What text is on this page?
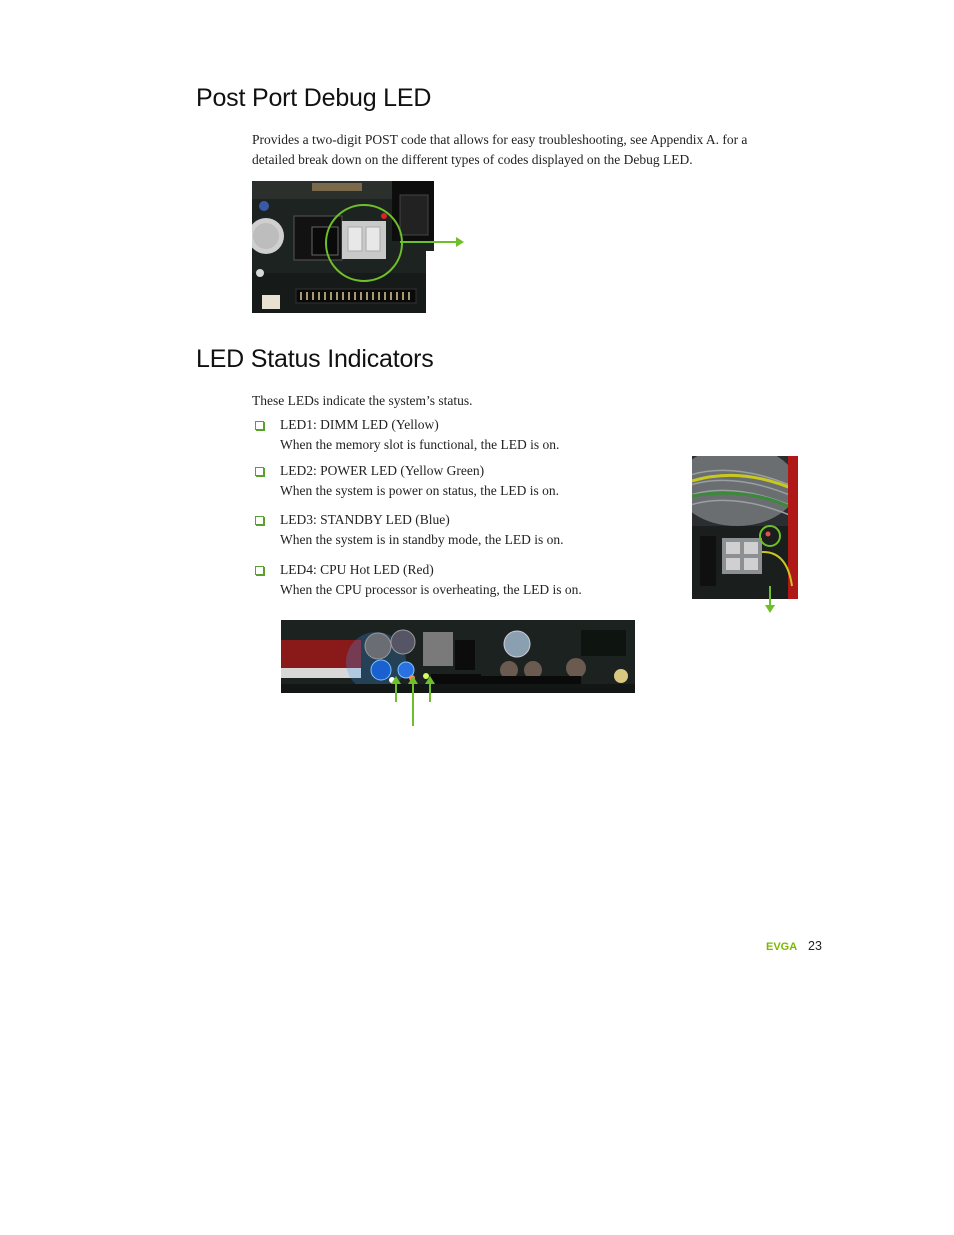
Post Port Debug LED

Provides a two-digit POST code that allows for easy troubleshooting, see Appendix A. for a detailed break down on the different types of codes displayed on the Debug LED.

LED Status Indicators

These LEDs indicate the system’s status.

LED1: DIMM LED (Yellow)

When the memory slot is functional, the LED is on.

LED2: POWER LED (Yellow Green)

When the system is power on status, the LED is on.

LED3: STANDBY LED (Blue)

When the system is in standby mode, the LED is on.

LED4: CPU Hot LED (Red)

When the CPU processor is overheating, the LED is on.

EVGA 23
